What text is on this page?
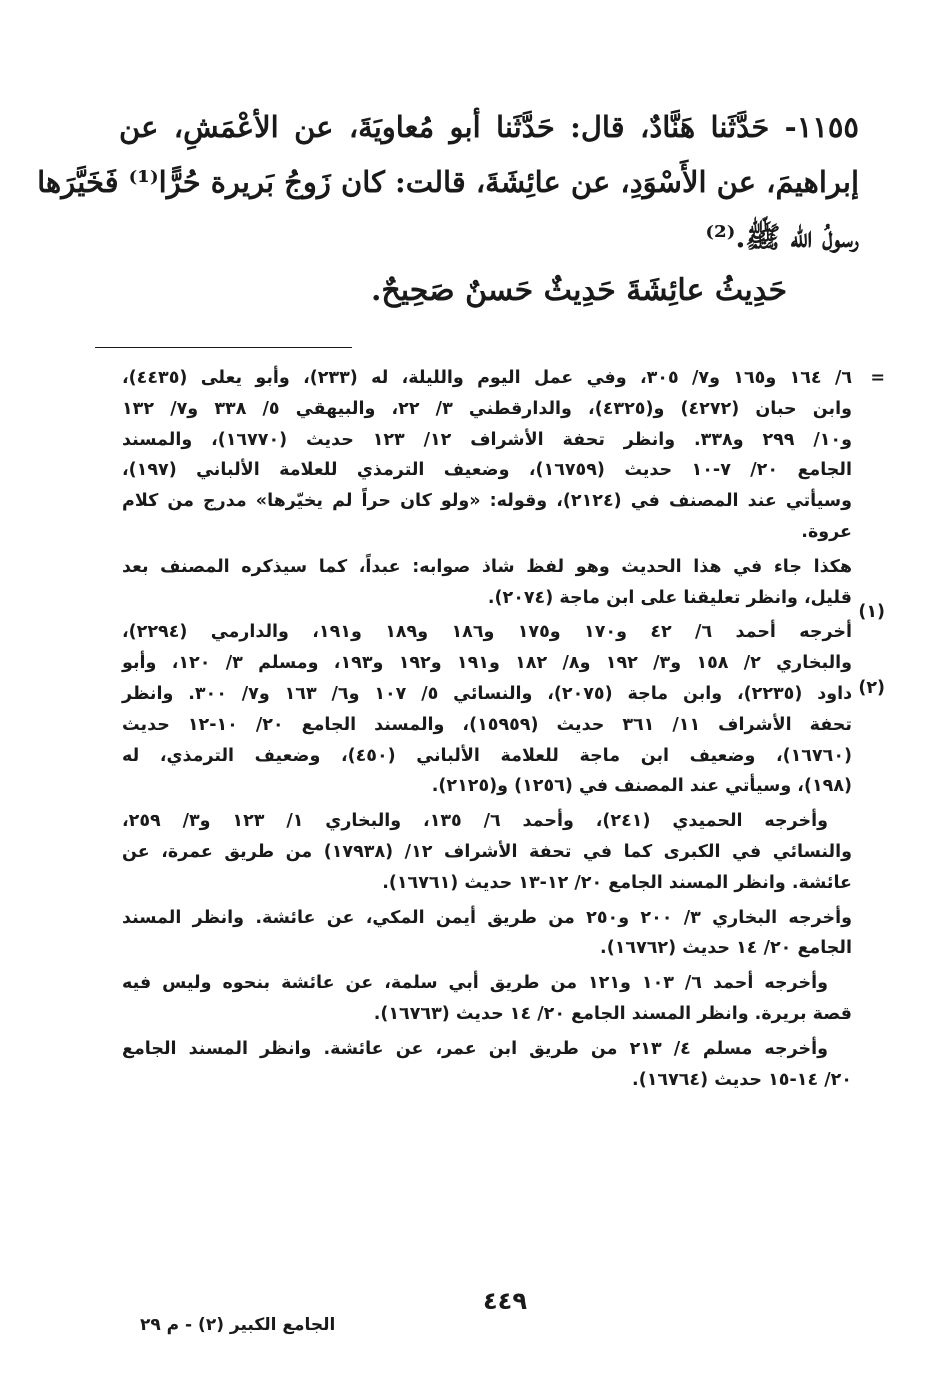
١١٥٥- حَدَّثَنا هَنَّادٌ، قال: حَدَّثَنا أبو مُعاويَةَ، عن الأعْمَشِ، عن
إبراهيمَ، عن الأَسْوَدِ، عن عائِشَةَ، قالت: كان زَوجُ بَريرة حُرًّا⁽¹⁾ فَخَيَّرَها
رسولُ الله ﷺ.⁽²⁾
حَدِيثُ عائِشَةَ حَدِيثٌ حَسنٌ صَحِيحٌ.
=
(١)
(٢)
٦/ ١٦٤ و١٦٥ و٧/ ٣٠٥، وفي عمل اليوم والليلة، له (٢٣٣)، وأبو يعلى (٤٤٣٥)،
وابن حبان (٤٢٧٢) و(٤٣٢٥)، والدارقطني ٣/ ٢٢، والبيهقي ٥/ ٣٣٨ و٧/ ١٣٢
و١٠/ ٢٩٩ و٣٣٨. وانظر تحفة الأشراف ١٢/ ١٢٣ حديث (١٦٧٧٠)، والمسند
الجامع ٢٠/ ٧-١٠ حديث (١٦٧٥٩)، وضعيف الترمذي للعلامة الألباني (١٩٧)،
وسيأتي عند المصنف في (٢١٢٤)، وقوله: «ولو كان حراً لم يخيّرها» مدرج من كلام
عروة.
هكذا جاء في هذا الحديث وهو لفظ شاذ صوابه: عبداً، كما سيذكره المصنف بعد
قليل، وانظر تعليقنا على ابن ماجة (٢٠٧٤).
أخرجه أحمد ٦/ ٤٢ و١٧٠ و١٧٥ و١٨٦ و١٨٩ و١٩١، والدارمي (٢٢٩٤)،
والبخاري ٢/ ١٥٨ و٣/ ١٩٢ و٨/ ١٨٢ و١٩١ و١٩٢ و١٩٣، ومسلم ٣/ ١٢٠، وأبو
داود (٢٢٣٥)، وابن ماجة (٢٠٧٥)، والنسائي ٥/ ١٠٧ و٦/ ١٦٣ و٧/ ٣٠٠. وانظر
تحفة الأشراف ١١/ ٣٦١ حديث (١٥٩٥٩)، والمسند الجامع ٢٠/ ١٠-١٢ حديث
(١٦٧٦٠)، وضعيف ابن ماجة للعلامة الألباني (٤٥٠)، وضعيف الترمذي، له
(١٩٨)، وسيأتي عند المصنف في (١٢٥٦) و(٢١٢٥).
وأخرجه الحميدي (٢٤١)، وأحمد ٦/ ١٣٥، والبخاري ١/ ١٢٣ و٣/ ٢٥٩،
والنسائي في الكبرى كما في تحفة الأشراف ١٢/ (١٧٩٣٨) من طريق عمرة، عن
عائشة. وانظر المسند الجامع ٢٠/ ١٢-١٣ حديث (١٦٧٦١).
وأخرجه البخاري ٣/ ٢٠٠ و٢٥٠ من طريق أيمن المكي، عن عائشة. وانظر المسند
الجامع ٢٠/ ١٤ حديث (١٦٧٦٢).
وأخرجه أحمد ٦/ ١٠٣ و١٢١ من طريق أبي سلمة، عن عائشة بنحوه وليس فيه
قصة بريرة. وانظر المسند الجامع ٢٠/ ١٤ حديث (١٦٧٦٣).
وأخرجه مسلم ٤/ ٢١٣ من طريق ابن عمر، عن عائشة. وانظر المسند الجامع
٢٠/ ١٤-١٥ حديث (١٦٧٦٤).
٤٤٩
الجامع الكبير (٢) - م ٢٩
